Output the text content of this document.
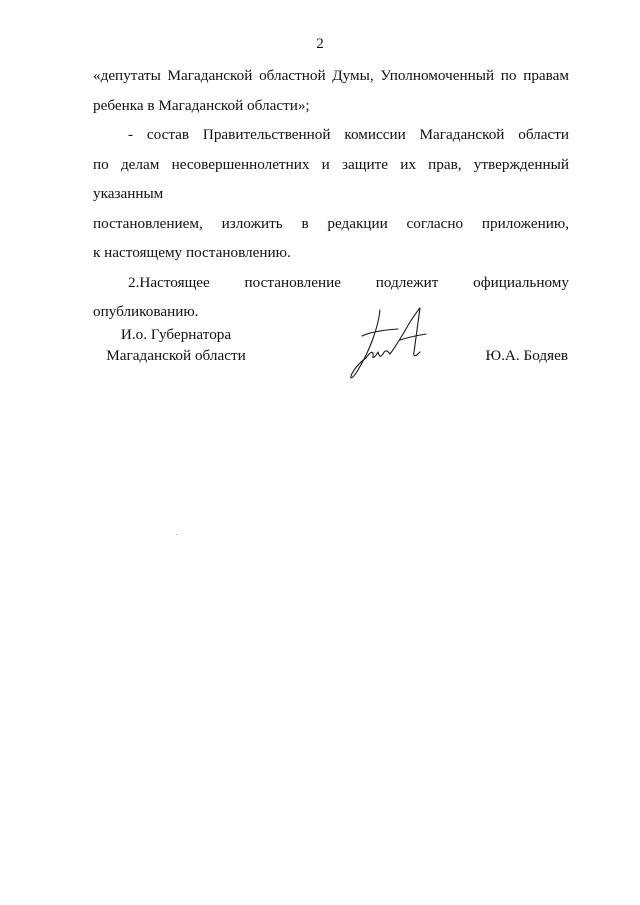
2

«депутаты Магаданской областной Думы, Уполномоченный по правам
ребенка в Магаданской области»;

- состав Правительственной комиссии Магаданской области
по делам несовершеннолетних и защите их прав, утвержденный указанным
постановлением, изложить в редакции согласно приложению,
к настоящему постановлению.

2.Настоящее постановление подлежит официальному
опубликованию.

И.о. Губернатора
Магаданской области	Ю.А. Бодяев
